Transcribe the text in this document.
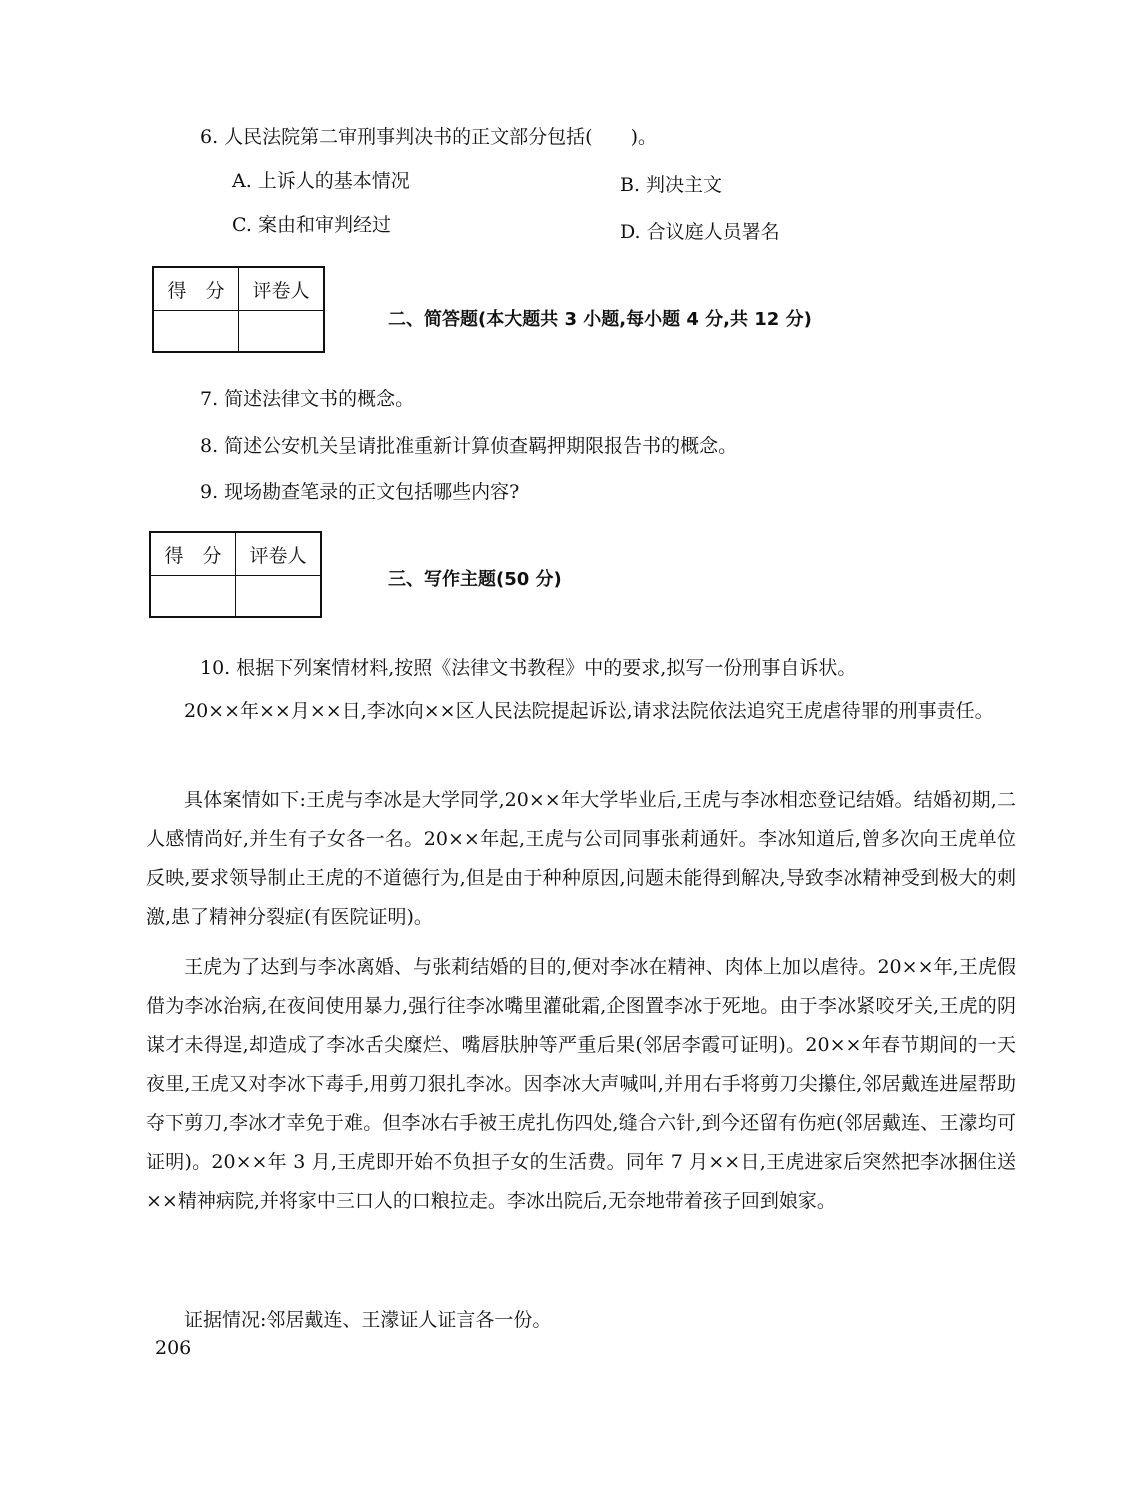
6. 人民法院第二审刑事判决书的正文部分包括(　　)。
A. 上诉人的基本情况	B. 判决主文
C. 案由和审判经过	D. 合议庭人员署名
得　分	评卷人

二、简答题(本大题共 3 小题,每小题 4 分,共 12 分)
7. 简述法律文书的概念。
8. 简述公安机关呈请批准重新计算侦查羁押期限报告书的概念。
9. 现场勘查笔录的正文包括哪些内容?
得　分	评卷人

三、写作主题(50 分)
10. 根据下列案情材料,按照《法律文书教程》中的要求,拟写一份刑事自诉状。
20××年××月××日,李冰向××区人民法院提起诉讼,请求法院依法追究王虎虐待罪的刑事责任。
具体案情如下:王虎与李冰是大学同学,20××年大学毕业后,王虎与李冰相恋登记结婚。结婚初期,二人感情尚好,并生有子女各一名。20××年起,王虎与公司同事张莉通奸。李冰知道后,曾多次向王虎单位反映,要求领导制止王虎的不道德行为,但是由于种种原因,问题未能得到解决,导致李冰精神受到极大的刺激,患了精神分裂症(有医院证明)。
王虎为了达到与李冰离婚、与张莉结婚的目的,便对李冰在精神、肉体上加以虐待。20××年,王虎假借为李冰治病,在夜间使用暴力,强行往李冰嘴里灌砒霜,企图置李冰于死地。由于李冰紧咬牙关,王虎的阴谋才未得逞,却造成了李冰舌尖糜烂、嘴唇肤肿等严重后果(邻居李霞可证明)。20××年春节期间的一天夜里,王虎又对李冰下毒手,用剪刀狠扎李冰。因李冰大声喊叫,并用右手将剪刀尖攥住,邻居戴连进屋帮助夺下剪刀,李冰才幸免于难。但李冰右手被王虎扎伤四处,缝合六针,到今还留有伤疤(邻居戴连、王濛均可证明)。20××年 3 月,王虎即开始不负担子女的生活费。同年 7 月××日,王虎进家后突然把李冰捆住送××精神病院,并将家中三口人的口粮拉走。李冰出院后,无奈地带着孩子回到娘家。
证据情况:邻居戴连、王濛证人证言各一份。
206
